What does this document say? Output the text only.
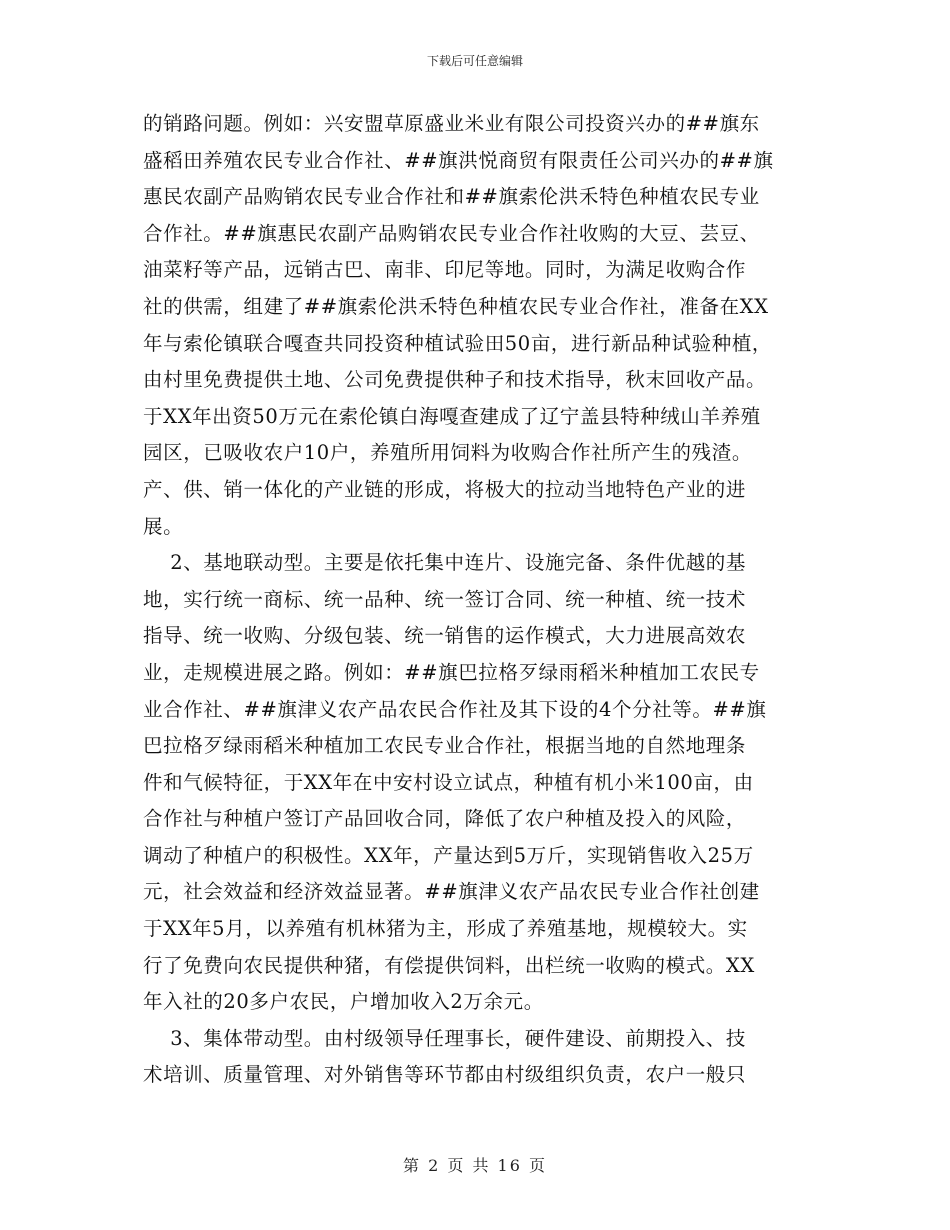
下载后可任意编辑
的销路问题。例如：兴安盟草原盛业米业有限公司投资兴办的##旗东
盛稻田养殖农民专业合作社、##旗洪悦商贸有限责任公司兴办的##旗
惠民农副产品购销农民专业合作社和##旗索伦洪禾特色种植农民专业
合作社。##旗惠民农副产品购销农民专业合作社收购的大豆、芸豆、
油菜籽等产品，远销古巴、南非、印尼等地。同时，为满足收购合作
社的供需，组建了##旗索伦洪禾特色种植农民专业合作社，准备在XX
年与索伦镇联合嘎查共同投资种植试验田50亩，进行新品种试验种植，
由村里免费提供土地、公司免费提供种子和技术指导，秋末回收产品。
于XX年出资50万元在索伦镇白海嘎查建成了辽宁盖县特种绒山羊养殖
园区，已吸收农户10户，养殖所用饲料为收购合作社所产生的残渣。
产、供、销一体化的产业链的形成，将极大的拉动当地特色产业的进
展。
2、基地联动型。主要是依托集中连片、设施完备、条件优越的基
地，实行统一商标、统一品种、统一签订合同、统一种植、统一技术
指导、统一收购、分级包装、统一销售的运作模式，大力进展高效农
业，走规模进展之路。例如：##旗巴拉格歹绿雨稻米种植加工农民专
业合作社、##旗津义农产品农民合作社及其下设的4个分社等。##旗
巴拉格歹绿雨稻米种植加工农民专业合作社，根据当地的自然地理条
件和气候特征，于XX年在中安村设立试点，种植有机小米100亩，由
合作社与种植户签订产品回收合同，降低了农户种植及投入的风险，
调动了种植户的积极性。XX年，产量达到5万斤，实现销售收入25万
元，社会效益和经济效益显著。##旗津义农产品农民专业合作社创建
于XX年5月，以养殖有机林猪为主，形成了养殖基地，规模较大。实
行了免费向农民提供种猪，有偿提供饲料，出栏统一收购的模式。XX
年入社的20多户农民，户增加收入2万余元。
3、集体带动型。由村级领导任理事长，硬件建设、前期投入、技
术培训、质量管理、对外销售等环节都由村级组织负责，农户一般只
第 2 页 共 16 页
